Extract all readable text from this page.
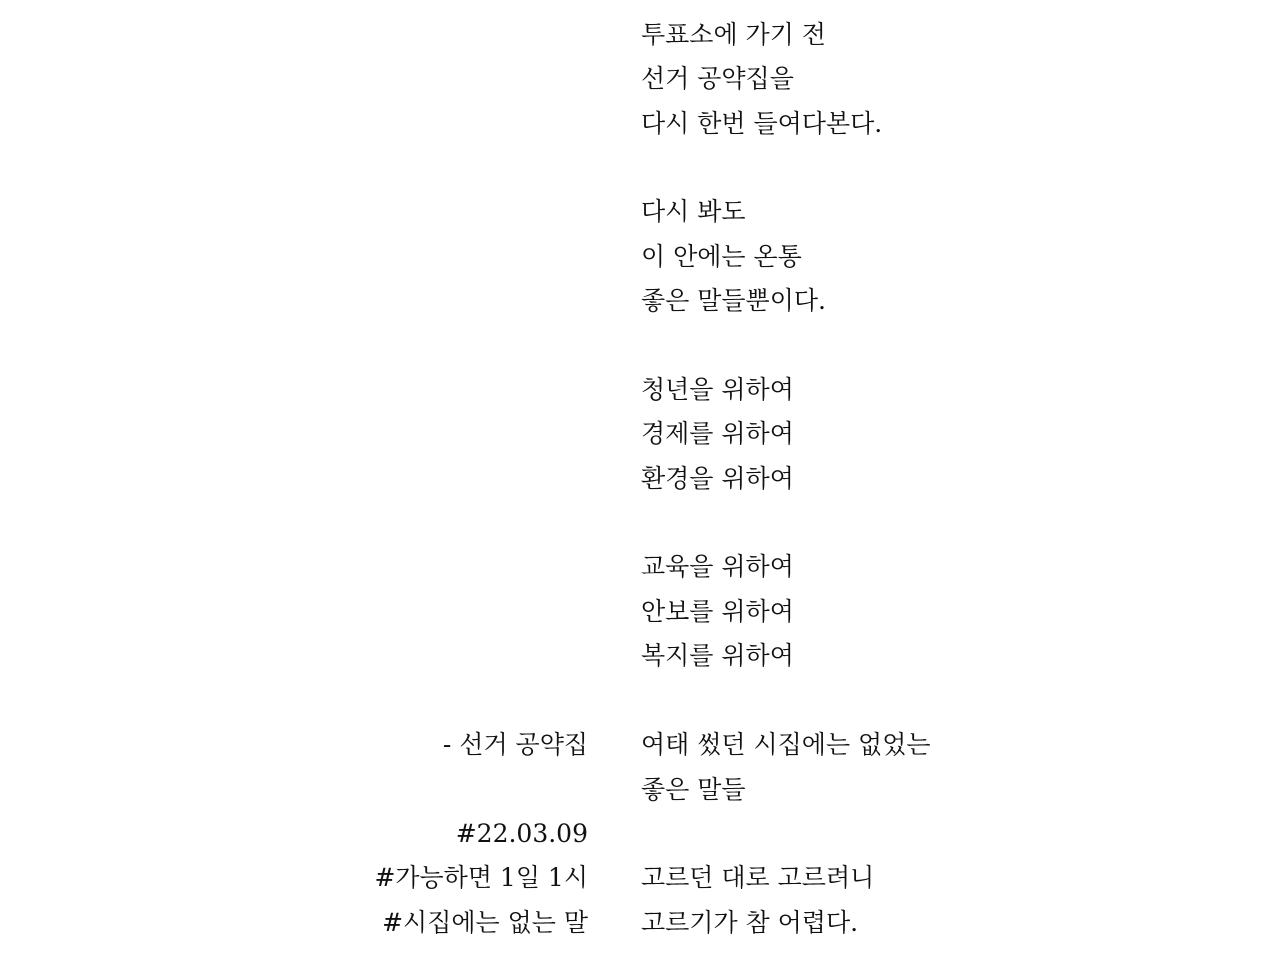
투표소에 가기 전
선거 공약집을
다시 한번 들여다본다.
다시 봐도
이 안에는 온통
좋은 말들뿐이다.
청년을 위하여
경제를 위하여
환경을 위하여
교육을 위하여
안보를 위하여
복지를 위하여
여태 썼던 시집에는 없었는
좋은 말들
고르던 대로 고르려니
고르기가 참 어렵다.
- 선거 공약집
#22.03.09
#가능하면 1일 1시
#시집에는 없는 말
